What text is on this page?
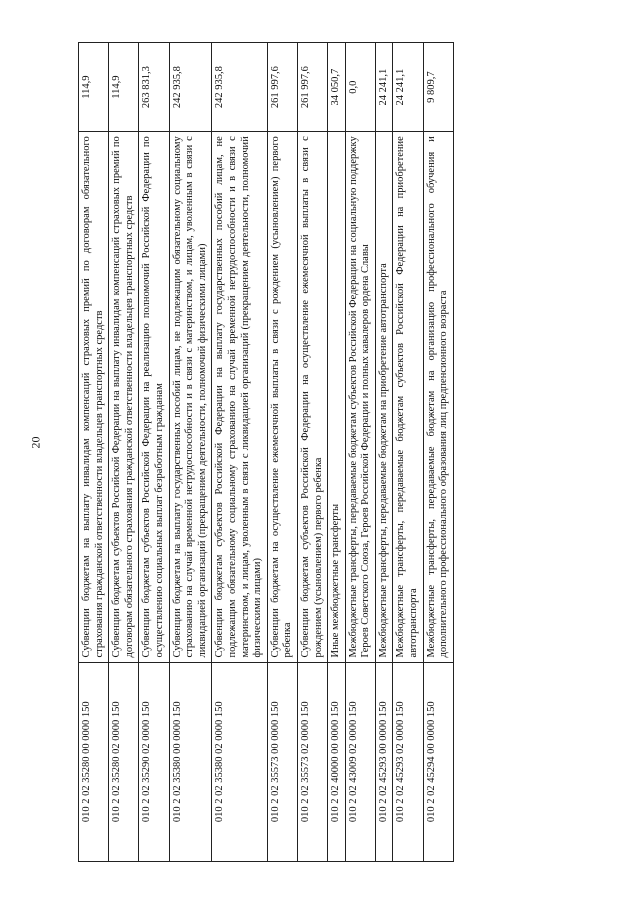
20
010 2 02 35280 00 0000 150	Субвенции бюджетам на выплату инвалидам компенсаций страховых премий по договорам обязательного страхования гражданской ответственности владельцев транспортных средств	114,9
010 2 02 35280 02 0000 150	Субвенции бюджетам субъектов Российской Федерации на выплату инвалидам компенсаций страховых премий по договорам обязательного страхования гражданской ответственности владельцев транспортных средств	114,9
010 2 02 35290 02 0000 150	Субвенции бюджетам субъектов Российской Федерации на реализацию полномочий Российской Федерации по осуществлению социальных выплат безработным гражданам	263 831,3
010 2 02 35380 00 0000 150	Субвенции бюджетам на выплату государственных пособий лицам, не подлежащим обязательному социальному страхованию на случай временной нетрудоспособности и в связи с материнством, и лицам, уволенным в связи с ликвидацией организаций (прекращением деятельности, полномочий физическими лицами)	242 935,8
010 2 02 35380 02 0000 150	Субвенции бюджетам субъектов Российской Федерации на выплату государственных пособий лицам, не подлежащим обязательному социальному страхованию на случай временной нетрудоспособности и в связи с материнством, и лицам, уволенным в связи с ликвидацией организаций (прекращением деятельности, полномочий физическими лицами)	242 935,8
010 2 02 35573 00 0000 150	Субвенции бюджетам на осуществление ежемесячной выплаты в связи с рождением (усыновлением) первого ребенка	261 997,6
010 2 02 35573 02 0000 150	Субвенции бюджетам субъектов Российской Федерации на осуществление ежемесячной выплаты в связи с рождением (усыновлением) первого ребенка	261 997,6
010 2 02 40000 00 0000 150	Иные межбюджетные трансферты	34 050,7
010 2 02 43009 02 0000 150	Межбюджетные трансферты, передаваемые бюджетам субъектов Российской Федерации на социальную поддержку Героев Советского Союза, Героев Российской Федерации и полных кавалеров ордена Славы	0,0
010 2 02 45293 00 0000 150	Межбюджетные трансферты, передаваемые бюджетам на приобретение автотранспорта	24 241,1
010 2 02 45293 02 0000 150	Межбюджетные трансферты, передаваемые бюджетам субъектов Российской Федерации на приобретение автотранспорта	24 241,1
010 2 02 45294 00 0000 150	Межбюджетные трансферты, передаваемые бюджетам на организацию профессионального обучения и дополнительного профессионального образования лиц предпенсионного возраста	9 809,7
